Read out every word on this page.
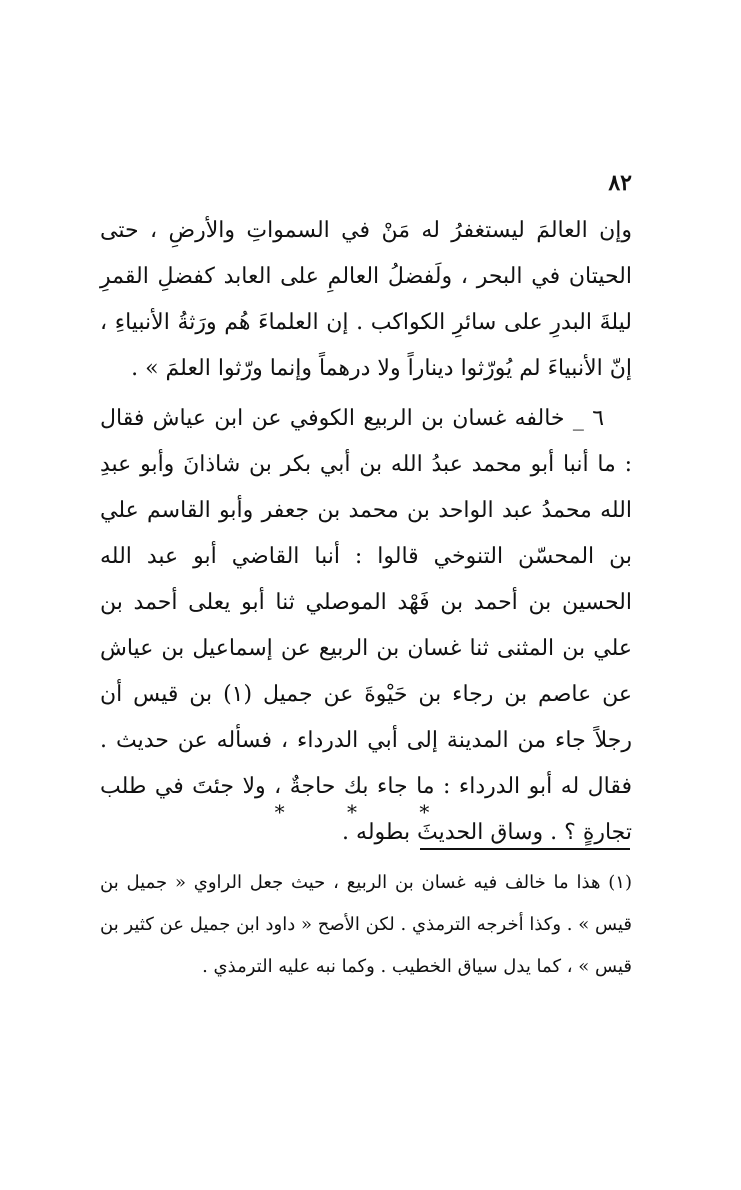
٨٢

وإن العالمَ ليستغفرُ له مَنْ في السمواتِ والأرضِ ، حتى الحيتان في البحر ، ولَفضلُ العالمِ على العابد كفضلِ القمرِ ليلةَ البدرِ على سائرِ الكواكب . إن العلماءَ هُم ورَثةُ الأنبياءِ ، إنّ الأنبياءَ لم يُورّثوا ديناراً ولا درهماً وإنما ورّثوا العلمَ » .

٦ _ خالفه غسان بن الربيع الكوفي عن ابن عياش فقال : ما أنبا أبو محمد عبدُ الله بن أبي بكر بن شاذانَ وأبو عبدِ الله محمدُ عبد الواحد بن محمد بن جعفر وأبو القاسم علي بن المحسّن التنوخي قالوا : أنبا القاضي أبو عبد الله الحسين بن أحمد بن فَهْد الموصلي ثنا أبو يعلى أحمد بن علي بن المثنى ثنا غسان بن الربيع عن إسماعيل بن عياش عن عاصم بن رجاء بن حَيْوةَ عن جميل (١) بن قيس أن رجلاً جاء من المدينة إلى أبي الدرداء ، فسأله عن حديث . فقال له أبو الدرداء : ما جاء بك حاجةٌ ، ولا جئتَ في طلب تجارةٍ ؟ . وساق الحديثَ بطوله .

* * *
(١) هذا ما خالف فيه غسان بن الربيع ، حيث جعل الراوي « جميل بن قيس » . وكذا أخرجه الترمذي . لكن الأصح « داود ابن جميل عن كثير بن قيس » ، كما يدل سياق الخطيب . وكما نبه عليه الترمذي .
